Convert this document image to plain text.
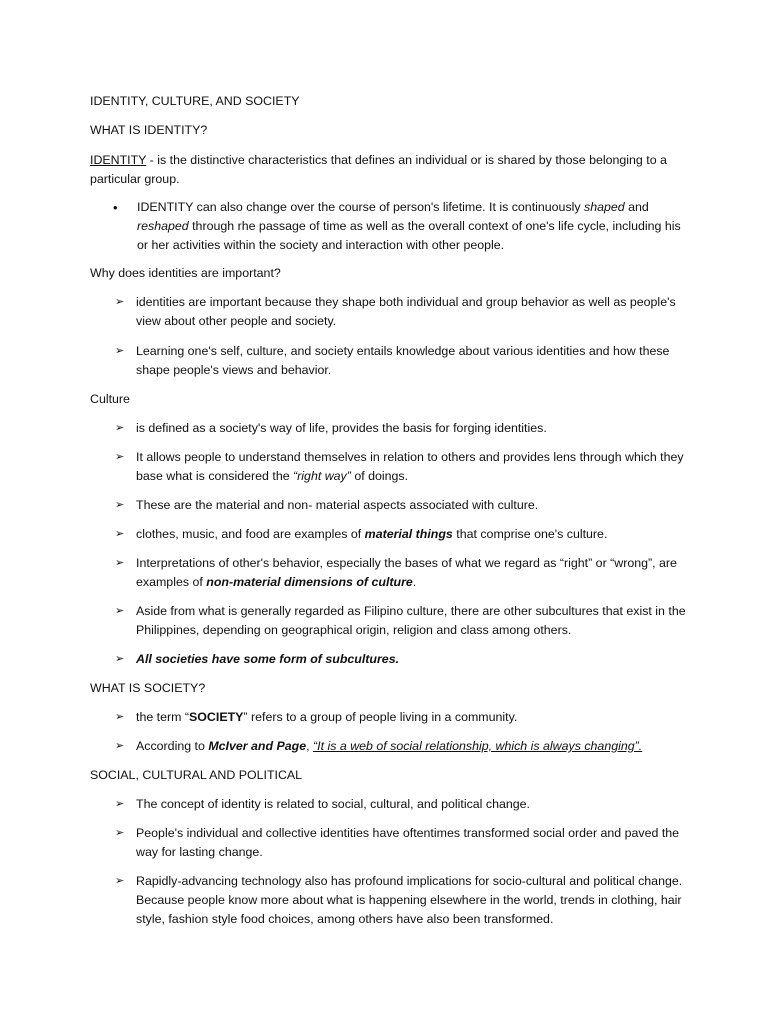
IDENTITY, CULTURE, AND SOCIETY

WHAT IS IDENTITY?

IDENTITY - is the distinctive characteristics that defines an individual or is shared by those belonging to a particular group.

•	IDENTITY can also change over the course of person's lifetime. It is continuously shaped and reshaped through rhe passage of time as well as the overall context of one's life cycle, including his or her activities within the society and interaction with other people.

Why does identities are important?

➢ identities are important because they shape both individual and group behavior as well as people's view about other people and society.
➢ Learning one's self, culture, and society entails knowledge about various identities and how these shape people's views and behavior.

Culture

➢ is defined as a society's way of life, provides the basis for forging identities.
➢ It allows people to understand themselves in relation to others and provides lens through which they base what is considered the “right way” of doings.
➢ These are the material and non- material aspects associated with culture.
➢ clothes, music, and food are examples of material things that comprise one's culture.
➢ Interpretations of other's behavior, especially the bases of what we regard as “right” or “wrong”, are examples of non-material dimensions of culture.
➢ Aside from what is generally regarded as Filipino culture, there are other subcultures that exist in the Philippines, depending on geographical origin, religion and class among others.
➢ All societies have some form of subcultures.

WHAT IS SOCIETY?

➢ the term “SOCIETY” refers to a group of people living in a community.
➢ According to McIver and Page, “It is a web of social relationship, which is always changing”.

SOCIAL, CULTURAL AND POLITICAL

➢ The concept of identity is related to social, cultural, and political change.
➢ People's individual and collective identities have oftentimes transformed social order and paved the way for lasting change.
➢ Rapidly-advancing technology also has profound implications for socio-cultural and political change. Because people know more about what is happening elsewhere in the world, trends in clothing, hair style, fashion style food choices, among others have also been transformed.
